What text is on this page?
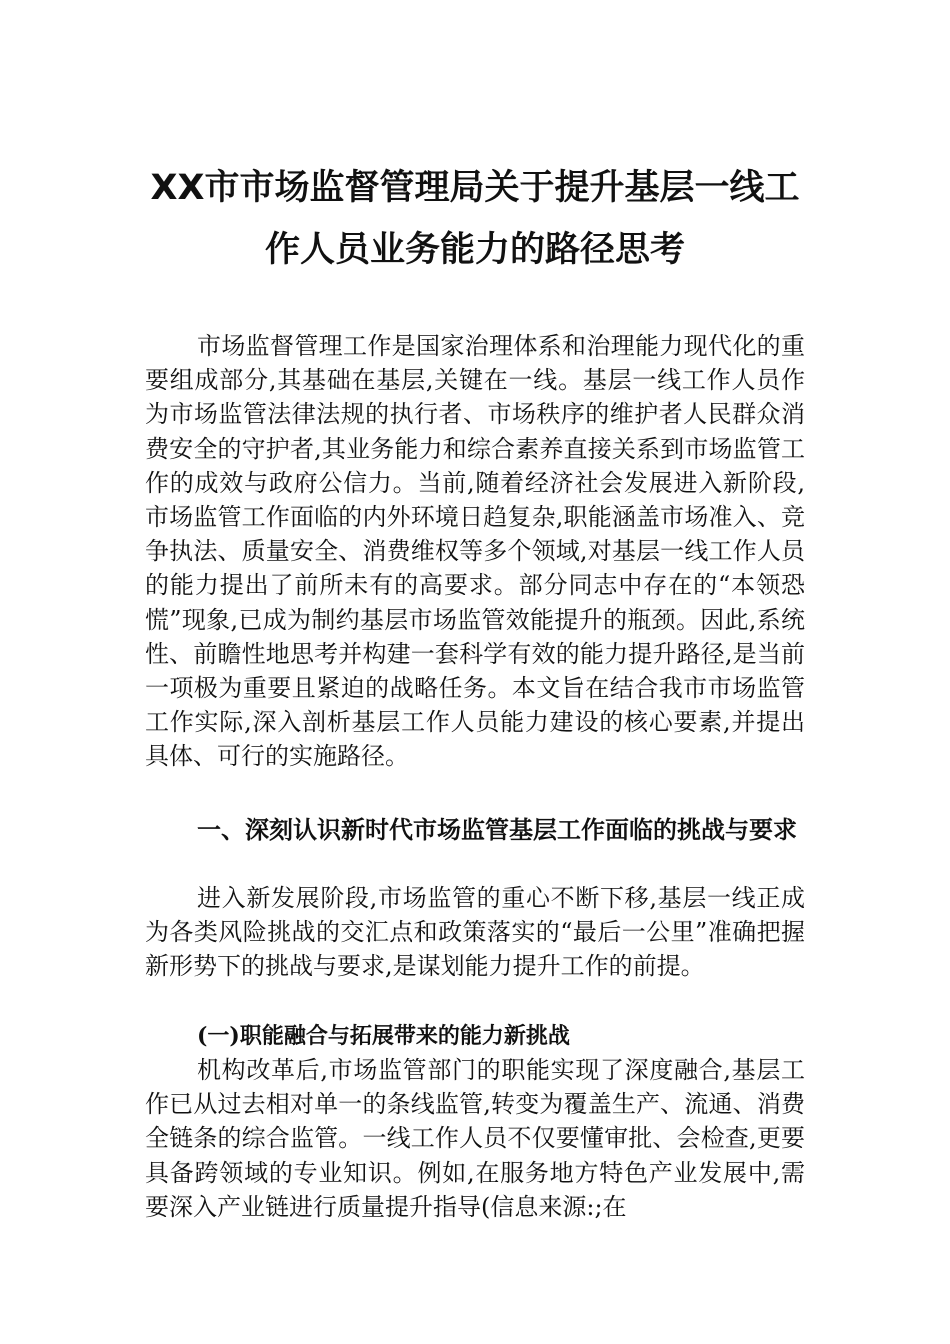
XX市市场监督管理局关于提升基层一线工
作人员业务能力的路径思考

市场监督管理工作是国家治理体系和治理能力现代化的重要组成部分,其基础在基层,关键在一线。基层一线工作人员作为市场监管法律法规的执行者、市场秩序的维护者人民群众消费安全的守护者,其业务能力和综合素养直接关系到市场监管工作的成效与政府公信力。当前,随着经济社会发展进入新阶段,市场监管工作面临的内外环境日趋复杂,职能涵盖市场准入、竞争执法、质量安全、消费维权等多个领域,对基层一线工作人员的能力提出了前所未有的高要求。部分同志中存在的“本领恐慌”现象,已成为制约基层市场监管效能提升的瓶颈。因此,系统性、前瞻性地思考并构建一套科学有效的能力提升路径,是当前一项极为重要且紧迫的战略任务。本文旨在结合我市市场监管工作实际,深入剖析基层工作人员能力建设的核心要素,并提出具体、可行的实施路径。

一、深刻认识新时代市场监管基层工作面临的挑战与要求

进入新发展阶段,市场监管的重心不断下移,基层一线正成为各类风险挑战的交汇点和政策落实的“最后一公里”准确把握新形势下的挑战与要求,是谋划能力提升工作的前提。

(一)职能融合与拓展带来的能力新挑战

机构改革后,市场监管部门的职能实现了深度融合,基层工作已从过去相对单一的条线监管,转变为覆盖生产、流通、消费全链条的综合监管。一线工作人员不仅要懂审批、会检查,更要具备跨领域的专业知识。例如,在服务地方特色产业发展中,需要深入产业链进行质量提升指导(信息来源:;在
